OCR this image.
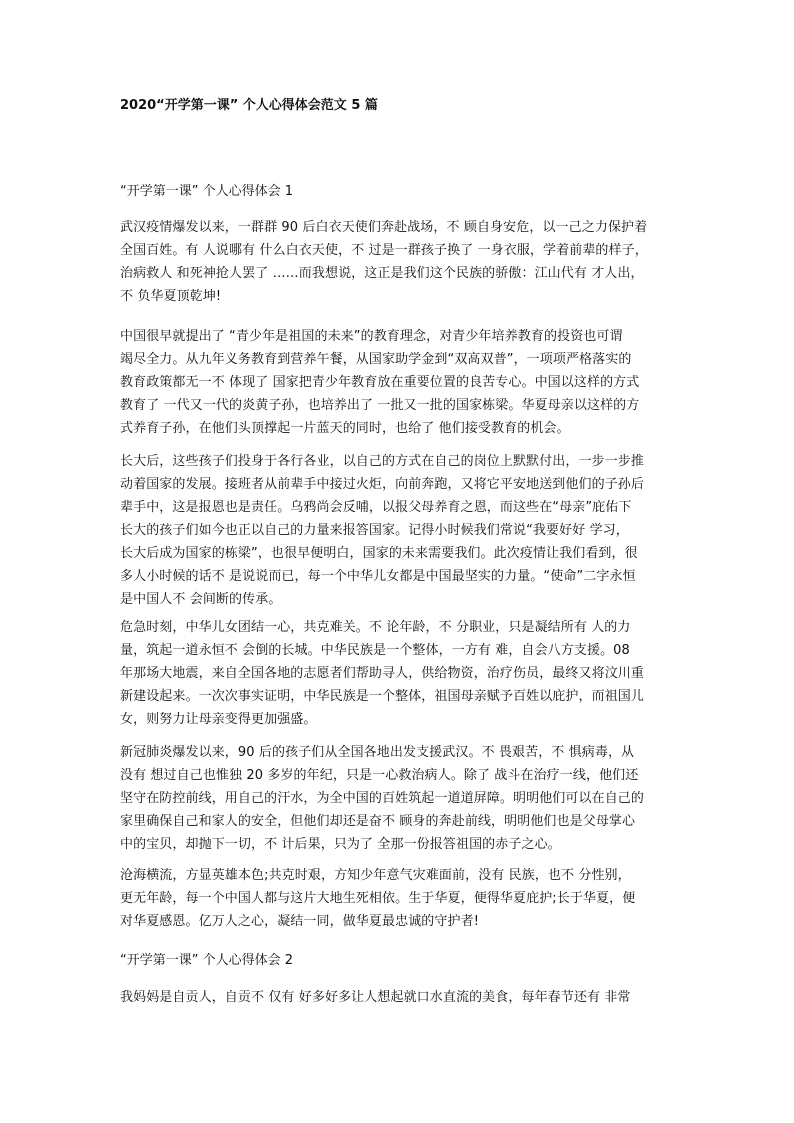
2020“开学第一课” 个人心得体会范文 5 篇
“开学第一课” 个人心得体会 1
武汉疫情爆发以来，一群群 90 后白衣天使们奔赴战场，不 顾自身安危，以一己之力保护着
全国百姓。有 人说哪有 什么白衣天使，不 过是一群孩子换了 一身衣服，学着前辈的样子，
治病救人 和死神抢人罢了 ……而我想说，这正是我们这个民族的骄傲：江山代有 才人出，
不 负华夏顶乾坤!
中国很早就提出了 “青少年是祖国的未来”的教育理念，对青少年培养教育的投资也可谓
竭尽全力。从九年义务教育到营养午餐，从国家助学金到“双高双普”，一项项严格落实的
教育政策都无一不 体现了 国家把青少年教育放在重要位置的良苦专心。中国以这样的方式
教育了 一代又一代的炎黄子孙，也培养出了 一批又一批的国家栋梁。华夏母亲以这样的方
式养育子孙，在他们头顶撑起一片蓝天的同时，也给了 他们接受教育的机会。
长大后，这些孩子们投身于各行各业，以自己的方式在自己的岗位上默默付出，一步一步推
动着国家的发展。接班者从前辈手中接过火炬，向前奔跑，又将它平安地送到他们的子孙后
辈手中，这是报恩也是责任。乌鸦尚会反哺，以报父母养育之恩，而这些在“母亲”庇佑下
长大的孩子们如今也正以自己的力量来报答国家。记得小时候我们常说“我要好好 学习，
长大后成为国家的栋梁”，也很早便明白，国家的未来需要我们。此次疫情让我们看到，很
多人小时候的话不 是说说而已，每一个中华儿女都是中国最坚实的力量。“使命”二字永恒
是中国人不 会间断的传承。
危急时刻，中华儿女团结一心，共克难关。不 论年龄，不 分职业，只是凝结所有 人的力
量，筑起一道永恒不 会倒的长城。中华民族是一个整体，一方有 难，自会八方支援。08
年那场大地震，来自全国各地的志愿者们帮助寻人，供给物资，治疗伤员，最终又将汶川重
新建设起来。一次次事实证明，中华民族是一个整体，祖国母亲赋予百姓以庇护，而祖国儿
女，则努力让母亲变得更加强盛。
新冠肺炎爆发以来，90 后的孩子们从全国各地出发支援武汉。不 畏艰苦，不 惧病毒，从
没有 想过自己也惟独 20 多岁的年纪，只是一心救治病人。除了 战斗在治疗一线，他们还
坚守在防控前线，用自己的汗水，为全中国的百姓筑起一道道屏障。明明他们可以在自己的
家里确保自己和家人的安全，但他们却还是奋不 顾身的奔赴前线，明明他们也是父母掌心
中的宝贝，却抛下一切，不 计后果，只为了 全那一份报答祖国的赤子之心。
沧海横流，方显英雄本色;共克时艰，方知少年意气灾难面前，没有 民族，也不 分性别，
更无年龄，每一个中国人都与这片大地生死相依。生于华夏，便得华夏庇护;长于华夏，便
对华夏感恩。亿万人之心，凝结一同，做华夏最忠诚的守护者!
“开学第一课” 个人心得体会 2
我妈妈是自贡人，自贡不 仅有 好多好多让人想起就口水直流的美食，每年春节还有 非常
